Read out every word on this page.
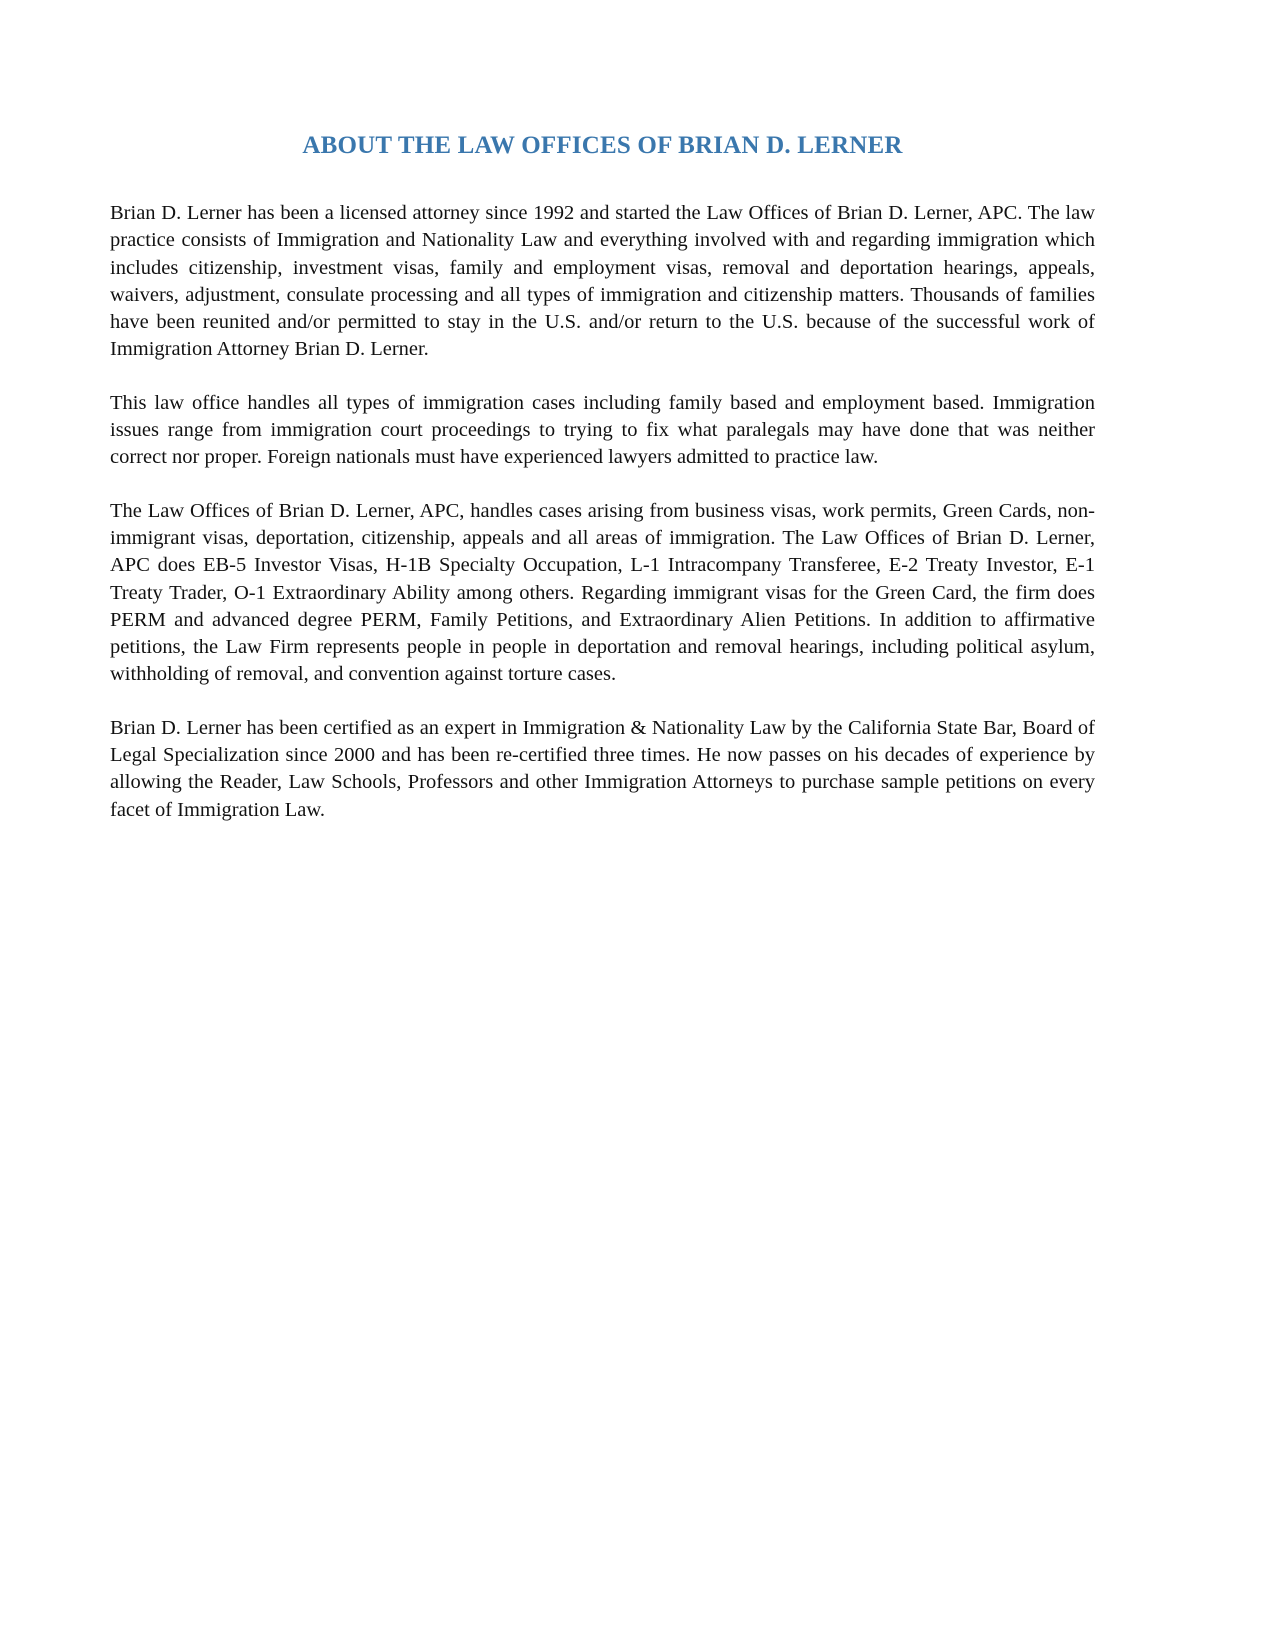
ABOUT THE LAW OFFICES OF BRIAN D. LERNER

Brian D. Lerner has been a licensed attorney since 1992 and started the Law Offices of Brian D. Lerner, APC. The law practice consists of Immigration and Nationality Law and everything involved with and regarding immigration which includes citizenship, investment visas, family and employment visas, removal and deportation hearings, appeals, waivers, adjustment, consulate processing and all types of immigration and citizenship matters. Thousands of families have been reunited and/or permitted to stay in the U.S. and/or return to the U.S. because of the successful work of Immigration Attorney Brian D. Lerner.

This law office handles all types of immigration cases including family based and employment based. Immigration issues range from immigration court proceedings to trying to fix what paralegals may have done that was neither correct nor proper. Foreign nationals must have experienced lawyers admitted to practice law.

The Law Offices of Brian D. Lerner, APC, handles cases arising from business visas, work permits, Green Cards, non-immigrant visas, deportation, citizenship, appeals and all areas of immigration. The Law Offices of Brian D. Lerner, APC does EB-5 Investor Visas, H-1B Specialty Occupation, L-1 Intracompany Transferee, E-2 Treaty Investor, E-1 Treaty Trader, O-1 Extraordinary Ability among others. Regarding immigrant visas for the Green Card, the firm does PERM and advanced degree PERM, Family Petitions, and Extraordinary Alien Petitions. In addition to affirmative petitions, the Law Firm represents people in people in deportation and removal hearings, including political asylum, withholding of removal, and convention against torture cases.

Brian D. Lerner has been certified as an expert in Immigration & Nationality Law by the California State Bar, Board of Legal Specialization since 2000 and has been re-certified three times. He now passes on his decades of experience by allowing the Reader, Law Schools, Professors and other Immigration Attorneys to purchase sample petitions on every facet of Immigration Law.
